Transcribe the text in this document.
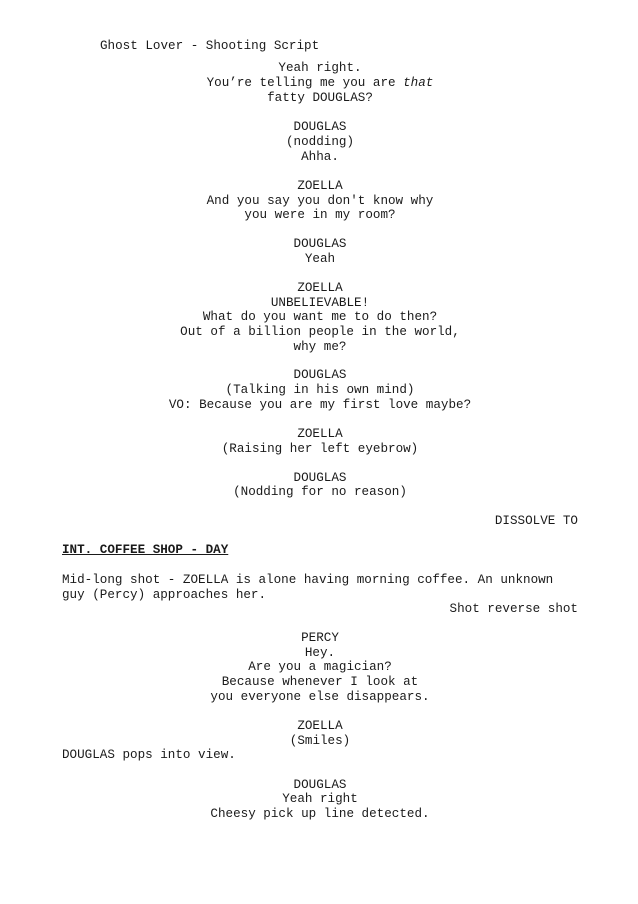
Ghost Lover - Shooting Script
Yeah right.
You’re telling me you are that
fatty DOUGLAS?
DOUGLAS
(nodding)
Ahha.
ZOELLA
And you say you don't know why
you were in my room?
DOUGLAS
Yeah
ZOELLA
UNBELIEVABLE!
What do you want me to do then?
Out of a billion people in the world,
why me?
DOUGLAS
(Talking in his own mind)
VO: Because you are my first love maybe?
ZOELLA
(Raising her left eyebrow)
DOUGLAS
(Nodding for no reason)
DISSOLVE TO
INT. COFFEE SHOP - DAY
Mid-long shot - ZOELLA is alone having morning coffee. An unknown
guy (Percy) approaches her.
Shot reverse shot
PERCY
Hey.
Are you a magician?
Because whenever I look at
you everyone else disappears.
ZOELLA
(Smiles)
DOUGLAS pops into view.
DOUGLAS
Yeah right
Cheesy pick up line detected.
